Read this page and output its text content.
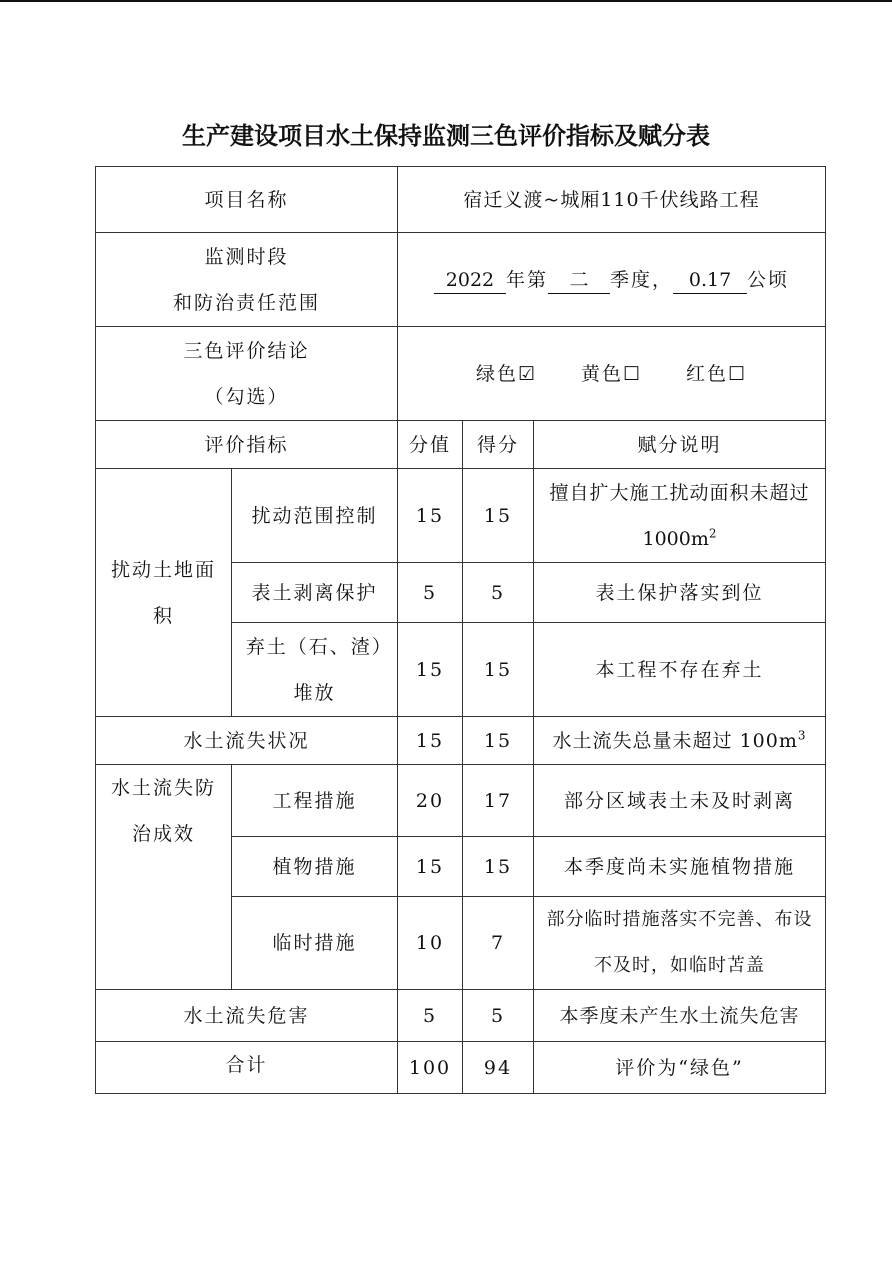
生产建设项目水土保持监测三色评价指标及赋分表
项目名称		宿迁义渡~城厢110千伏线路工程		

监测时段
和防治责任范围		2022 年第 二 季度， 0.17 公顷		

三色评价结论
（勾选）		绿色☑ 黄色☐ 红色☐		
评价指标		分值	得分	赋分说明
扰动土地面积	扰动范围控制	15	15	擅自扩大施工扰动面积未超过
$1000m^2$

	表土剥离保护	5	5	表土保护落实到位
	弃土（石、渣）堆放	15	15	本工程不存在弃土
水土流失状况		15	15	水土流失总量未超过 $100m^3$
水土流失防治成效	工程措施	20	17	部分区域表土未及时剥离
	植物措施	15	15	本季度尚未实施植物措施
	临时措施	10	7	部分临时措施落实不完善、布设不及时，如临时苫盖
水土流失危害		5	5	本季度未产生水土流失危害
合计		100	94	评价为“绿色”
